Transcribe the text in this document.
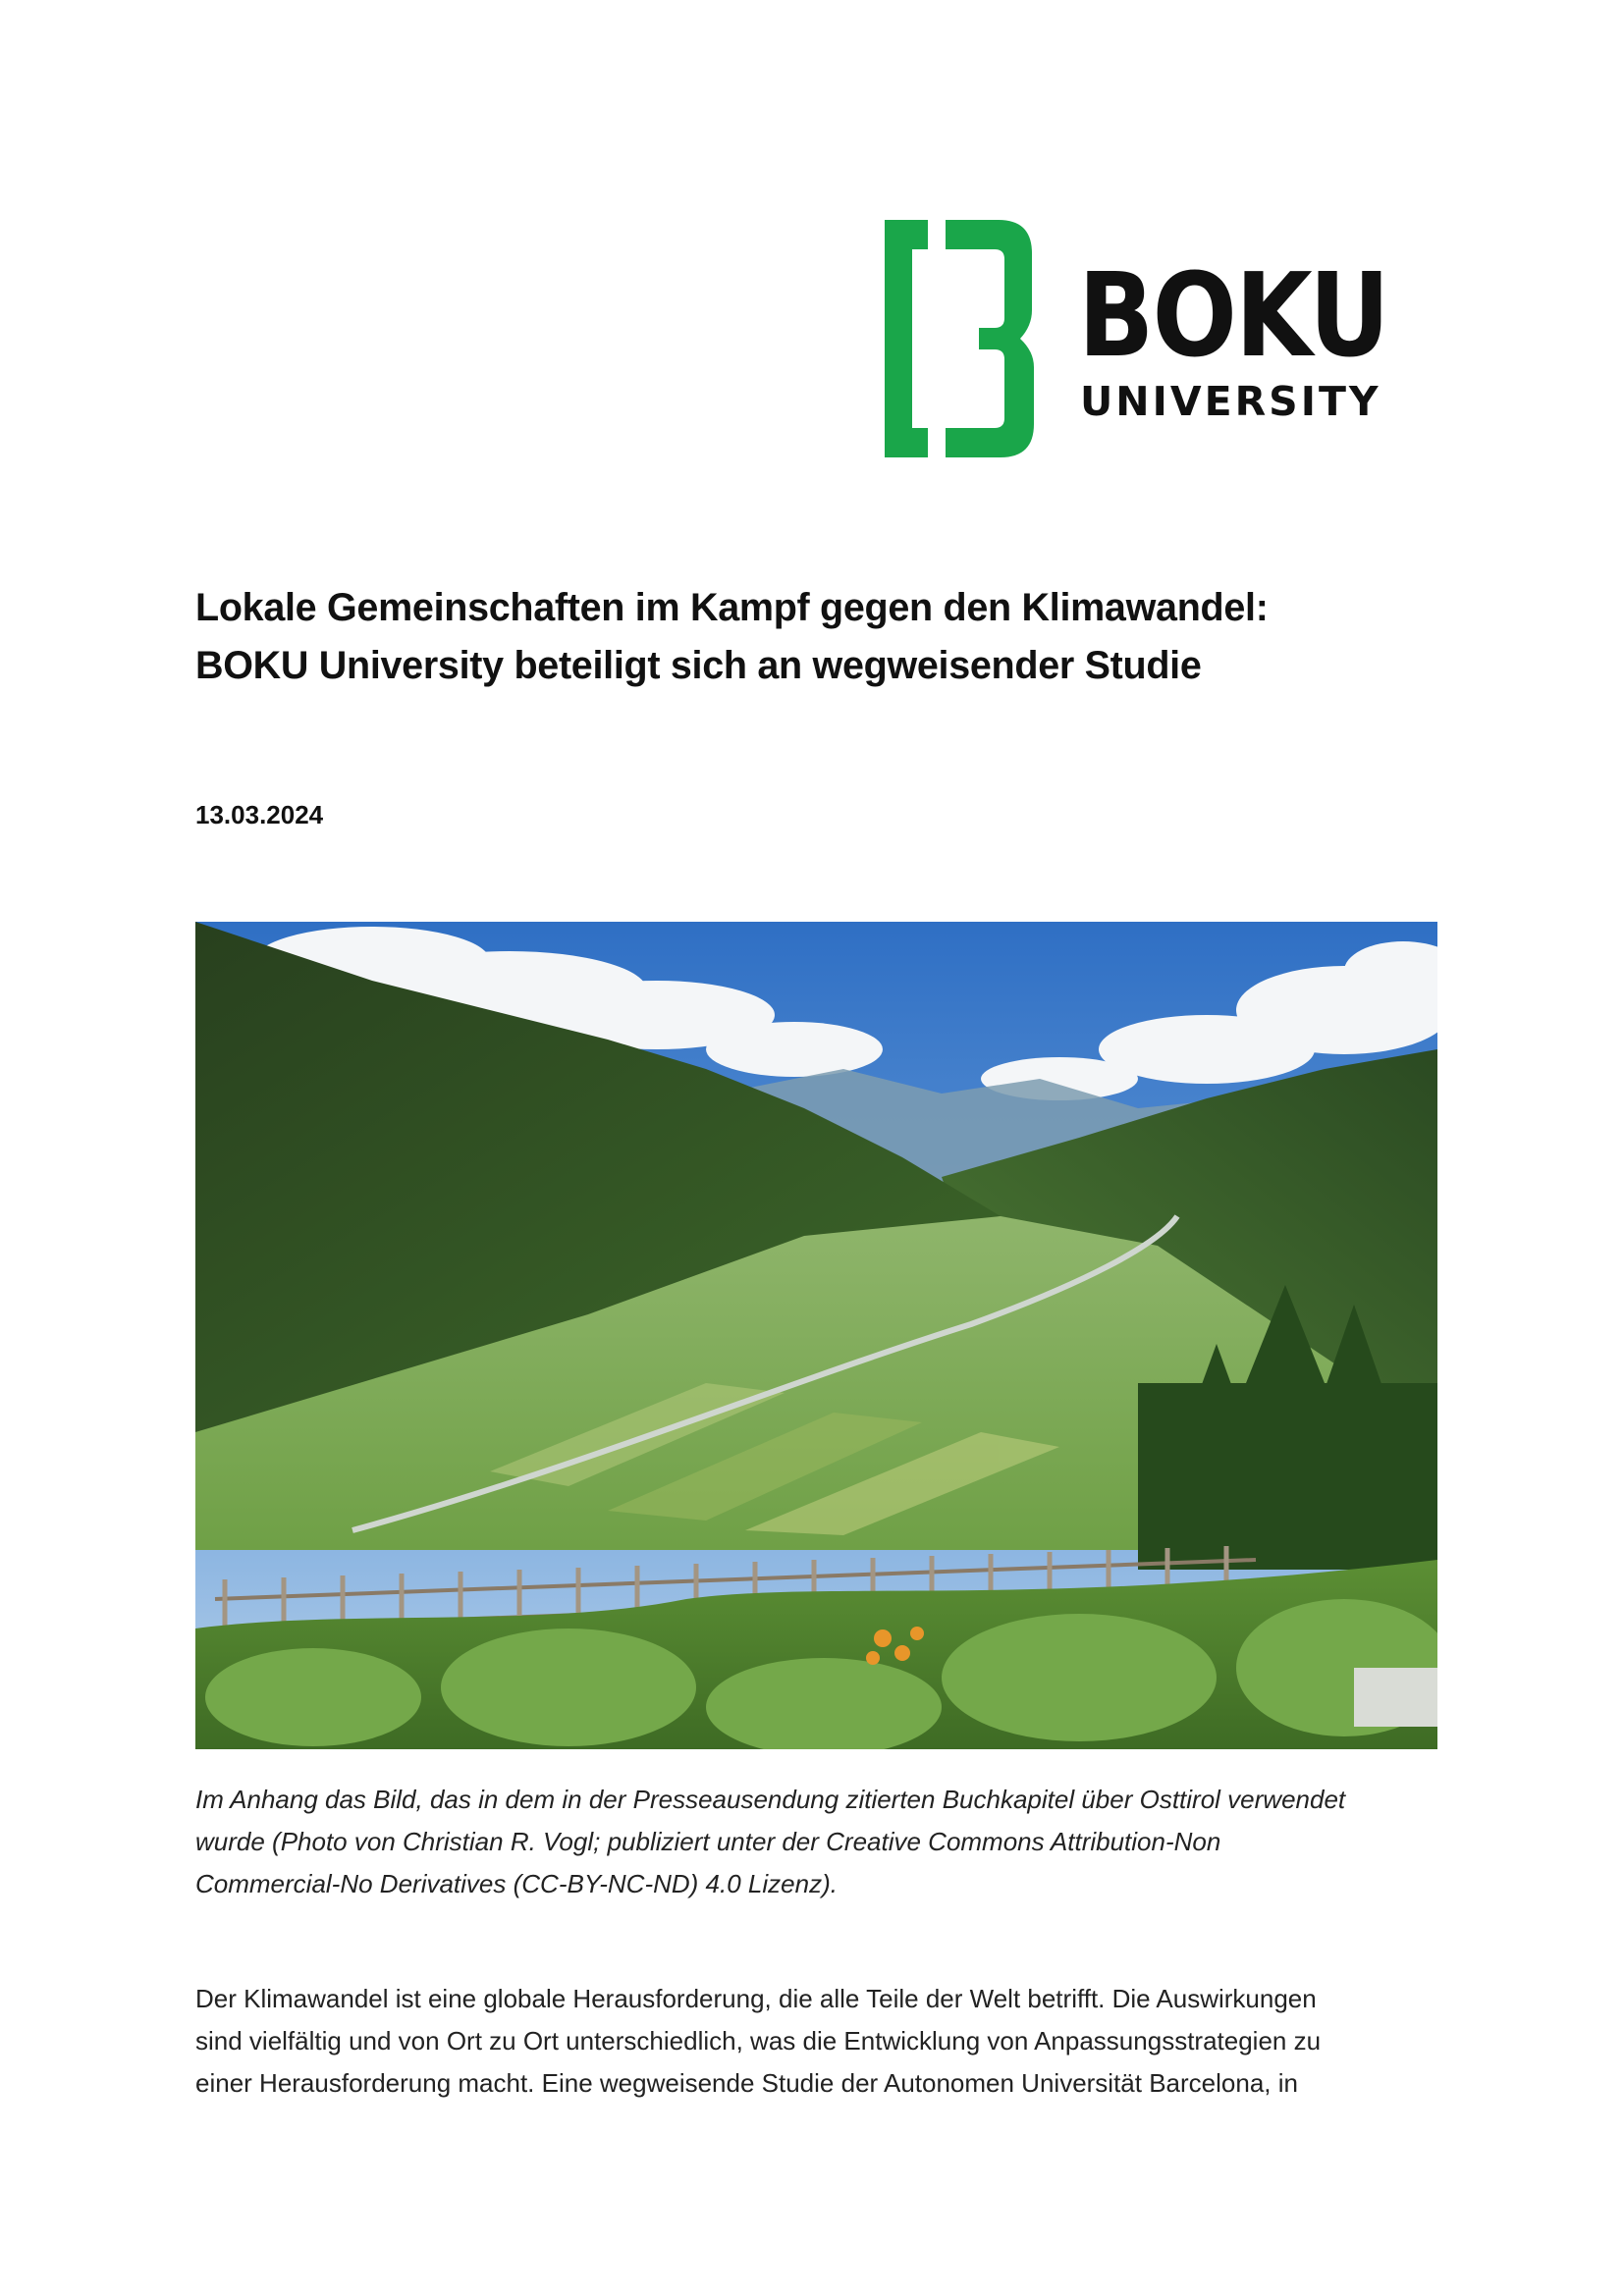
BOKU
UNIVERSITY
Lokale Gemeinschaften im Kampf gegen den Klimawandel:
BOKU University beteiligt sich an wegweisender Studie
13.03.2024
Im Anhang das Bild, das in dem in der Presseausendung zitierten Buchkapitel über Osttirol verwendet
wurde (Photo von Christian R. Vogl; publiziert unter der Creative Commons Attribution-Non
Commercial-No Derivatives (CC-BY-NC-ND) 4.0 Lizenz).
Der Klimawandel ist eine globale Herausforderung, die alle Teile der Welt betrifft. Die Auswirkungen
sind vielfältig und von Ort zu Ort unterschiedlich, was die Entwicklung von Anpassungsstrategien zu
einer Herausforderung macht. Eine wegweisende Studie der Autonomen Universität Barcelona, in
